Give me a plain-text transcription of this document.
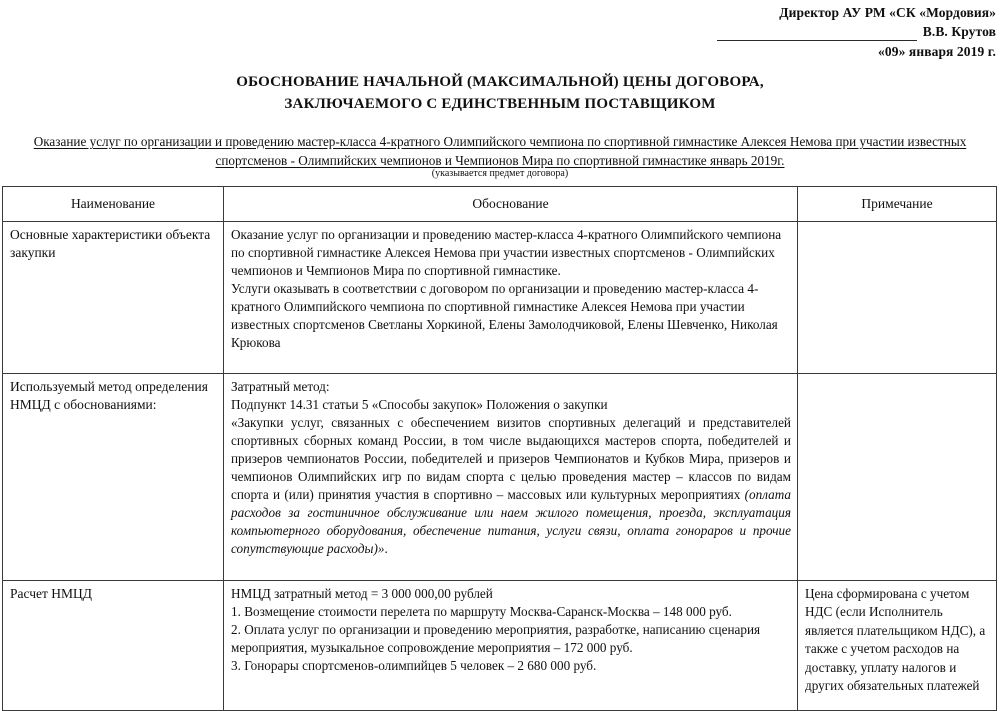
Директор АУ РМ «СК «Мордовия»
В.В. Крутов
«09» января 2019 г.
ОБОСНОВАНИЕ НАЧАЛЬНОЙ (МАКСИМАЛЬНОЙ) ЦЕНЫ ДОГОВОРА,
ЗАКЛЮЧАЕМОГО С ЕДИНСТВЕННЫМ ПОСТАВЩИКОМ
Оказание услуг по организации и проведению мастер-класса 4-кратного Олимпийского чемпиона по спортивной гимнастике Алексея Немова при участии известных спортсменов - Олимпийских чемпионов и Чемпионов Мира по спортивной гимнастике январь 2019г.
(указывается предмет договора)
Наименование	Обоснование	Примечание
Основные характеристики объекта закупки	Оказание услуг по организации и проведению мастер-класса 4-кратного Олимпийского чемпиона по спортивной гимнастике Алексея Немова при участии известных спортсменов - Олимпийских чемпионов и Чемпионов Мира по спортивной гимнастике.

Услуги оказывать в соответствии с договором по организации и проведению мастер-класса 4-кратного Олимпийского чемпиона по спортивной гимнастике Алексея Немова при участии известных спортсменов Светланы Хоркиной, Елены Замолодчиковой, Елены Шевченко, Николая Крюкова	

Используемый метод определения НМЦД с обоснованиями:	Затратный метод:

Подпункт 14.31 статьи 5 «Способы закупок» Положения о закупки

«Закупки услуг, связанных с обеспечением визитов спортивных делегаций и представителей спортивных сборных команд России, в том числе выдающихся мастеров спорта, победителей и призеров чемпионатов России, победителей и призеров Чемпионатов и Кубков Мира, призеров и чемпионов Олимпийских игр по видам спорта с целью проведения мастер – классов по видам спорта и (или) принятия участия в спортивно – массовых или культурных мероприятиях (оплата расходов за гостиничное обслуживание или наем жилого помещения, проезда, эксплуатация компьютерного оборудования, обеспечение питания, услуги связи, оплата гонораров и прочие сопутствующие расходы)».	

Расчет НМЦД	НМЦД затратный метод = 3 000 000,00 рублей

1. Возмещение стоимости перелета по маршруту Москва-Саранск-Москва – 148 000 руб.

2. Оплата услуг по организации и проведению мероприятия, разработке, написанию сценария мероприятия, музыкальное сопровождение мероприятия – 172 000 руб.

3. Гонорары спортсменов-олимпийцев 5 человек – 2 680 000 руб.	Цена сформирована с учетом НДС (если Исполнитель является плательщиком НДС), а также с учетом расходов на доставку, уплату налогов и других обязательных платежей
